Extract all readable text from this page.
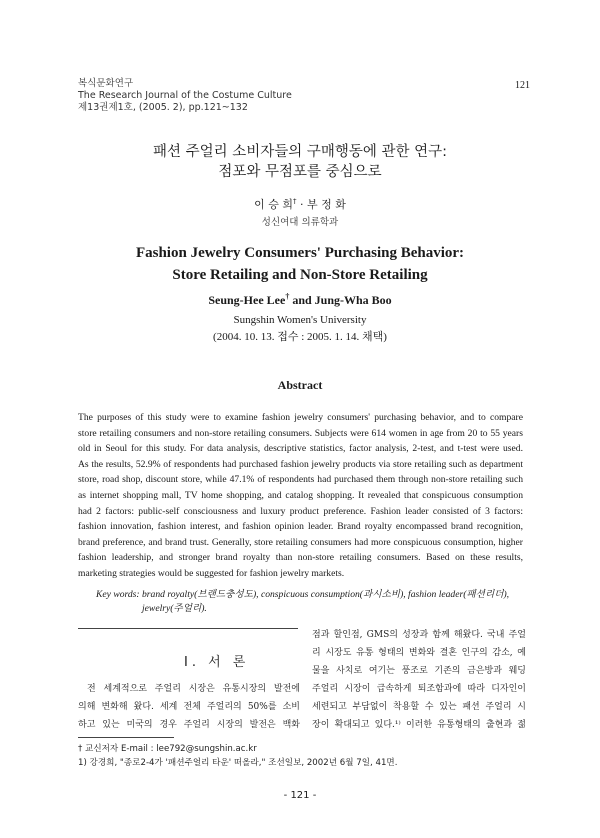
복식문화연구
The Research Journal of the Costume Culture
제13권제1호, (2005. 2), pp.121~132
121
패션 주얼리 소비자들의 구매행동에 관한 연구:
점포와 무점포를 중심으로
이 승 희† · 부 정 화
성신여대 의류학과
Fashion Jewelry Consumers' Purchasing Behavior:
Store Retailing and Non-Store Retailing
Seung-Hee Lee† and Jung-Wha Boo
Sungshin Women's University
(2004. 10. 13. 접수 : 2005. 1. 14. 채택)
Abstract
The purposes of this study were to examine fashion jewelry consumers' purchasing behavior, and to compare
store retailing consumers and non-store retailing consumers. Subjects were 614 women in age from 20 to 55 years
old in Seoul for this study. For data analysis, descriptive statistics, factor analysis, 2-test, and t-test were used.
As the results, 52.9% of respondents had purchased fashion jewelry products via store retailing such as department
store, road shop, discount store, while 47.1% of respondents had purchased them through non-store retailing such
as internet shopping mall, TV home shopping, and catalog shopping. It revealed that conspicuous consumption
had 2 factors: public-self consciousness and luxury product preference. Fashion leader consisted of 3 factors:
fashion innovation, fashion interest, and fashion opinion leader. Brand royalty encompassed brand recognition,
brand preference, and brand trust. Generally, store retailing consumers had more conspicuous consumption, higher
fashion leadership, and stronger brand royalty than non-store retailing consumers. Based on these results,
marketing strategies would be suggested for fashion jewelry markets.
Key words: brand royalty(브랜드충성도), conspicuous consumption(과시소비), fashion leader(패션리더),
jewelry(주얼리).
Ⅰ. 서 론
전 세계적으로 주얼리 시장은 유통시장의 발전에
의해 변화해 왔다. 세계 전체 주얼리의 50%를 소비
하고 있는 미국의 경우 주얼리 시장의 발전은 백화
점과 할인점, GMS의 성장과 함께 해왔다. 국내 주얼
리 시장도 유통 형태의 변화와 결혼 인구의 감소, 예
물을 사치로 여기는 풍조로 기존의 금은방과 웨딩
주얼리 시장이 급속하게 퇴조함과에 따라 디자인이
세련되고 부담없이 착용할 수 있는 패션 주얼리 시
장이 확대되고 있다.¹⁾ 이러한 유통형태의 출현과 젊
† 교신저자 E-mail : lee792@sungshin.ac.kr
1) 강경희, "종로2-4가 '패션주얼리 타운' 떠올라," 조선일보, 2002년 6월 7일, 41면.
- 121 -
